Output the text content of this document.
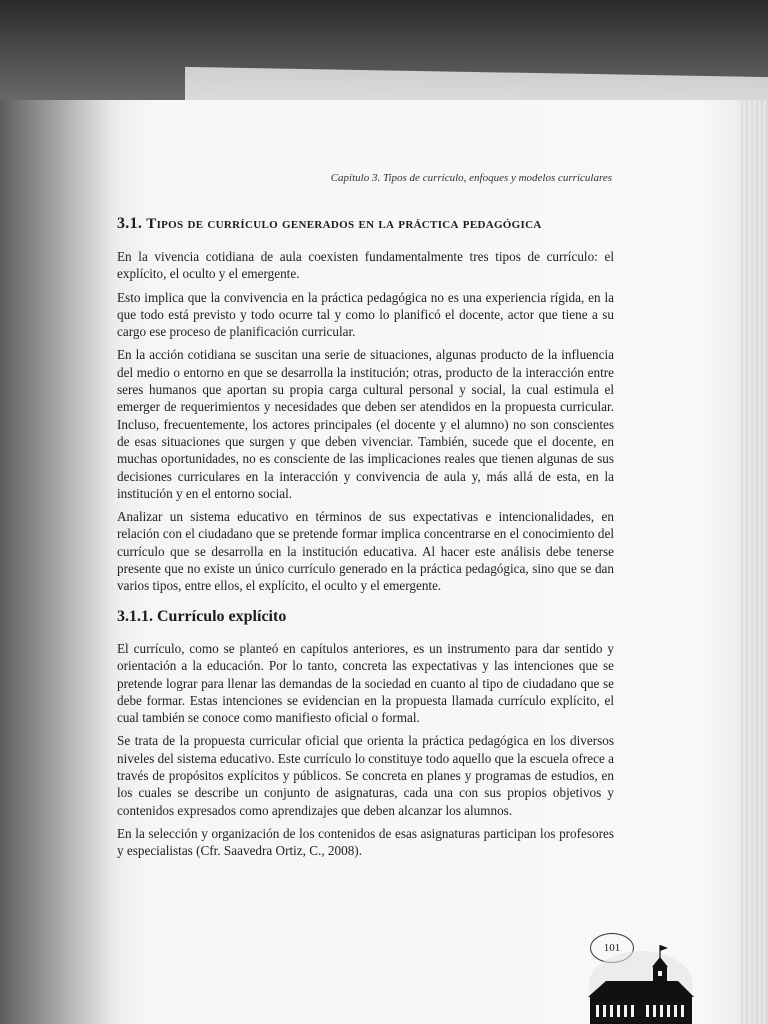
Capítulo 3. Tipos de currículo, enfoques y modelos curriculares
3.1. Tipos de currículo generados en la práctica pedagógica

En la vivencia cotidiana de aula coexisten fundamentalmente tres tipos de currículo: el explícito, el oculto y el emergente.

Esto implica que la convivencia en la práctica pedagógica no es una experiencia rígida, en la que todo está previsto y todo ocurre tal y como lo planificó el docente, actor que tiene a su cargo ese proceso de planificación curricular.

En la acción cotidiana se suscitan una serie de situaciones, algunas producto de la influencia del medio o entorno en que se desarrolla la institución; otras, producto de la interacción entre seres humanos que aportan su propia carga cultural personal y social, la cual estimula el emerger de requerimientos y necesidades que deben ser atendidos en la propuesta curricular. Incluso, frecuentemente, los actores principales (el docente y el alumno) no son conscientes de esas situaciones que surgen y que deben vivenciar. También, sucede que el docente, en muchas oportunidades, no es consciente de las implicaciones reales que tienen algunas de sus decisiones curriculares en la interacción y convivencia de aula y, más allá de esta, en la institución y en el entorno social.

Analizar un sistema educativo en términos de sus expectativas e intencionalidades, en relación con el ciudadano que se pretende formar implica concentrarse en el conocimiento del currículo que se desarrolla en la institución educativa. Al hacer este análisis debe tenerse presente que no existe un único currículo generado en la práctica pedagógica, sino que se dan varios tipos, entre ellos, el explícito, el oculto y el emergente.

3.1.1. Currículo explícito

El currículo, como se planteó en capítulos anteriores, es un instrumento para dar sentido y orientación a la educación. Por lo tanto, concreta las expectativas y las intenciones que se pretende lograr para llenar las demandas de la sociedad en cuanto al tipo de ciudadano que se debe formar. Estas intenciones se evidencian en la propuesta llamada currículo explícito, el cual también se conoce como manifiesto oficial o formal.

Se trata de la propuesta curricular oficial que orienta la práctica pedagógica en los diversos niveles del sistema educativo. Este currículo lo constituye todo aquello que la escuela ofrece a través de propósitos explícitos y públicos. Se concreta en planes y programas de estudios, en los cuales se describe un conjunto de asignaturas, cada una con sus propios objetivos y contenidos expresados como aprendizajes que deben alcanzar los alumnos.

En la selección y organización de los contenidos de esas asignaturas participan los profesores y especialistas (Cfr. Saavedra Ortiz, C., 2008).

101
